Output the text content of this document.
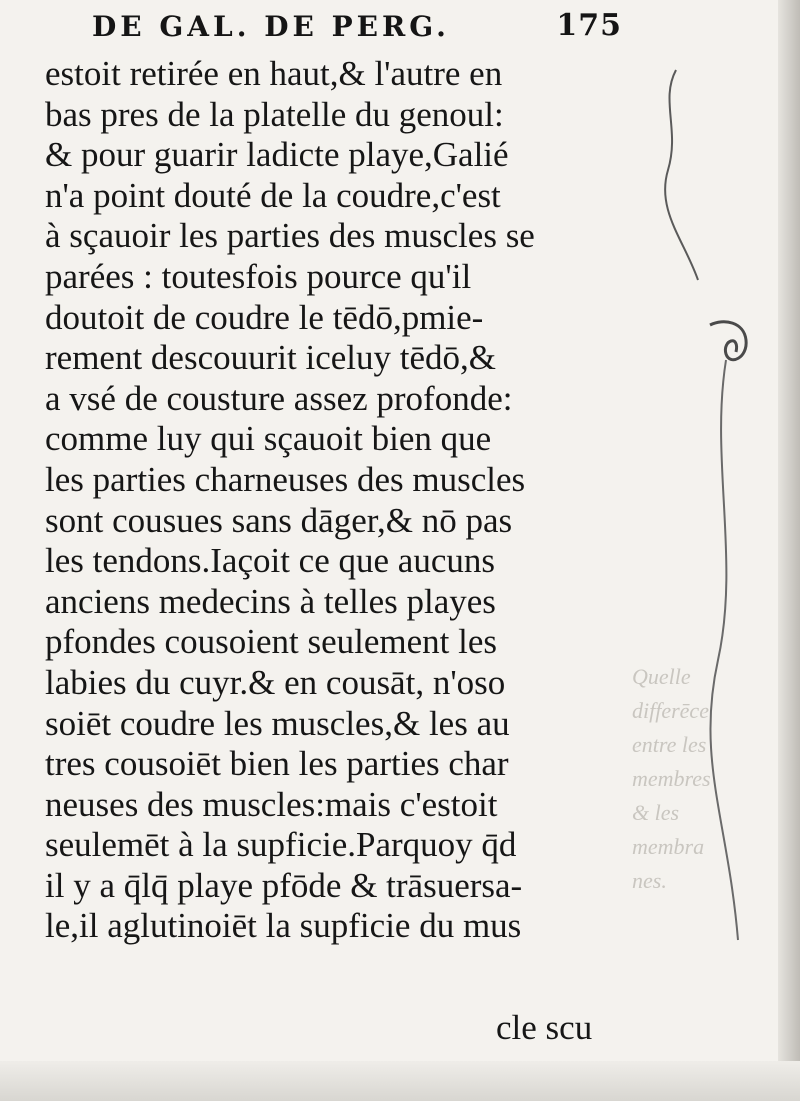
Quelle
differēce
entre les
membres
& les
membra
nes.
DE GAL. DE PERG.	175
estoit retirée en haut,& l'autre en
bas pres de la platelle du genoul:
& pour guarir ladicte playe,Galié
n'a point douté de la coudre,c'est
à sçauoir les parties des muscles se
parées : toutesfois pource qu'il
doutoit de coudre le tēdō,pmie-
rement descouurit iceluy tēdō,&
a vsé de cousture assez profonde:
comme luy qui sçauoit bien que
les parties charneuses des muscles
sont cousues sans dāger,& nō pas
les tendons.Iaçoit ce que aucuns
anciens medecins à telles playes
pfondes cousoient seulement les
labies du cuyr.& en cousāt, n'oso
soiēt coudre les muscles,& les au
tres cousoiēt bien les parties char
neuses des muscles:mais c'estoit
seulemēt à la supficie.Parquoy q̄d
il y a q̄lq̄ playe pfōde & trāsuersa-
le,il aglutinoiēt la supficie du mus
cle scu
